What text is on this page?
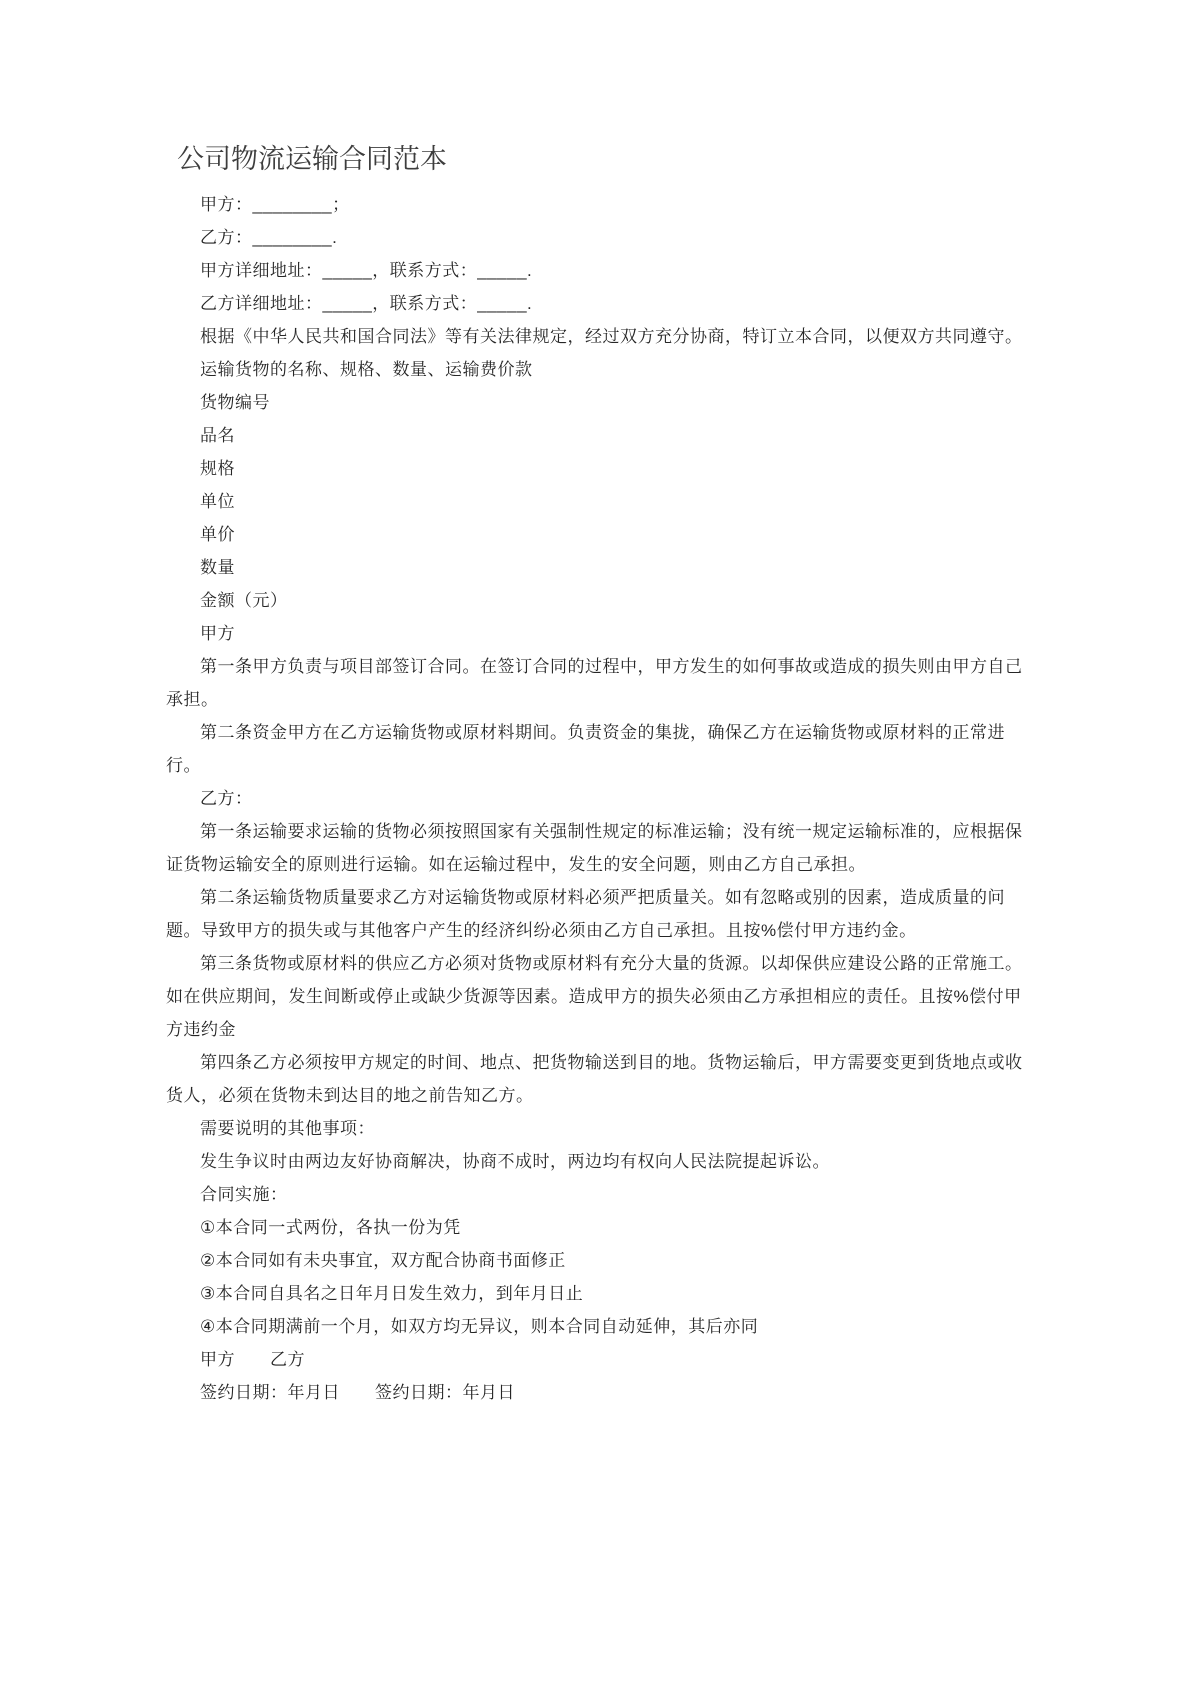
公司物流运输合同范本

甲方：________；

乙方：________.

甲方详细地址：_____，联系方式：_____.

乙方详细地址：_____，联系方式：_____.

根据《中华人民共和国合同法》等有关法律规定，经过双方充分协商，特订立本合同，以便双方共同遵守。

运输货物的名称、规格、数量、运输费价款

货物编号

品名

规格

单位

单价

数量

金额（元）

甲方

第一条甲方负责与项目部签订合同。在签订合同的过程中，甲方发生的如何事故或造成的损失则由甲方自己承担。

第二条资金甲方在乙方运输货物或原材料期间。负责资金的集拢，确保乙方在运输货物或原材料的正常进行。

乙方：

第一条运输要求运输的货物必须按照国家有关强制性规定的标准运输；没有统一规定运输标准的，应根据保证货物运输安全的原则进行运输。如在运输过程中，发生的安全问题，则由乙方自己承担。

第二条运输货物质量要求乙方对运输货物或原材料必须严把质量关。如有忽略或别的因素，造成质量的问题。导致甲方的损失或与其他客户产生的经济纠纷必须由乙方自己承担。且按%偿付甲方违约金。

第三条货物或原材料的供应乙方必须对货物或原材料有充分大量的货源。以却保供应建设公路的正常施工。如在供应期间，发生间断或停止或缺少货源等因素。造成甲方的损失必须由乙方承担相应的责任。且按%偿付甲方违约金

第四条乙方必须按甲方规定的时间、地点、把货物输送到目的地。货物运输后，甲方需要变更到货地点或收货人，必须在货物未到达目的地之前告知乙方。

需要说明的其他事项：

发生争议时由两边友好协商解决，协商不成时，两边均有权向人民法院提起诉讼。

合同实施：

①本合同一式两份，各执一份为凭

②本合同如有未央事宜，双方配合协商书面修正

③本合同自具名之日年月日发生效力，到年月日止

④本合同期满前一个月，如双方均无异议，则本合同自动延伸，其后亦同

甲方　　乙方

签约日期：年月日　　签约日期：年月日
